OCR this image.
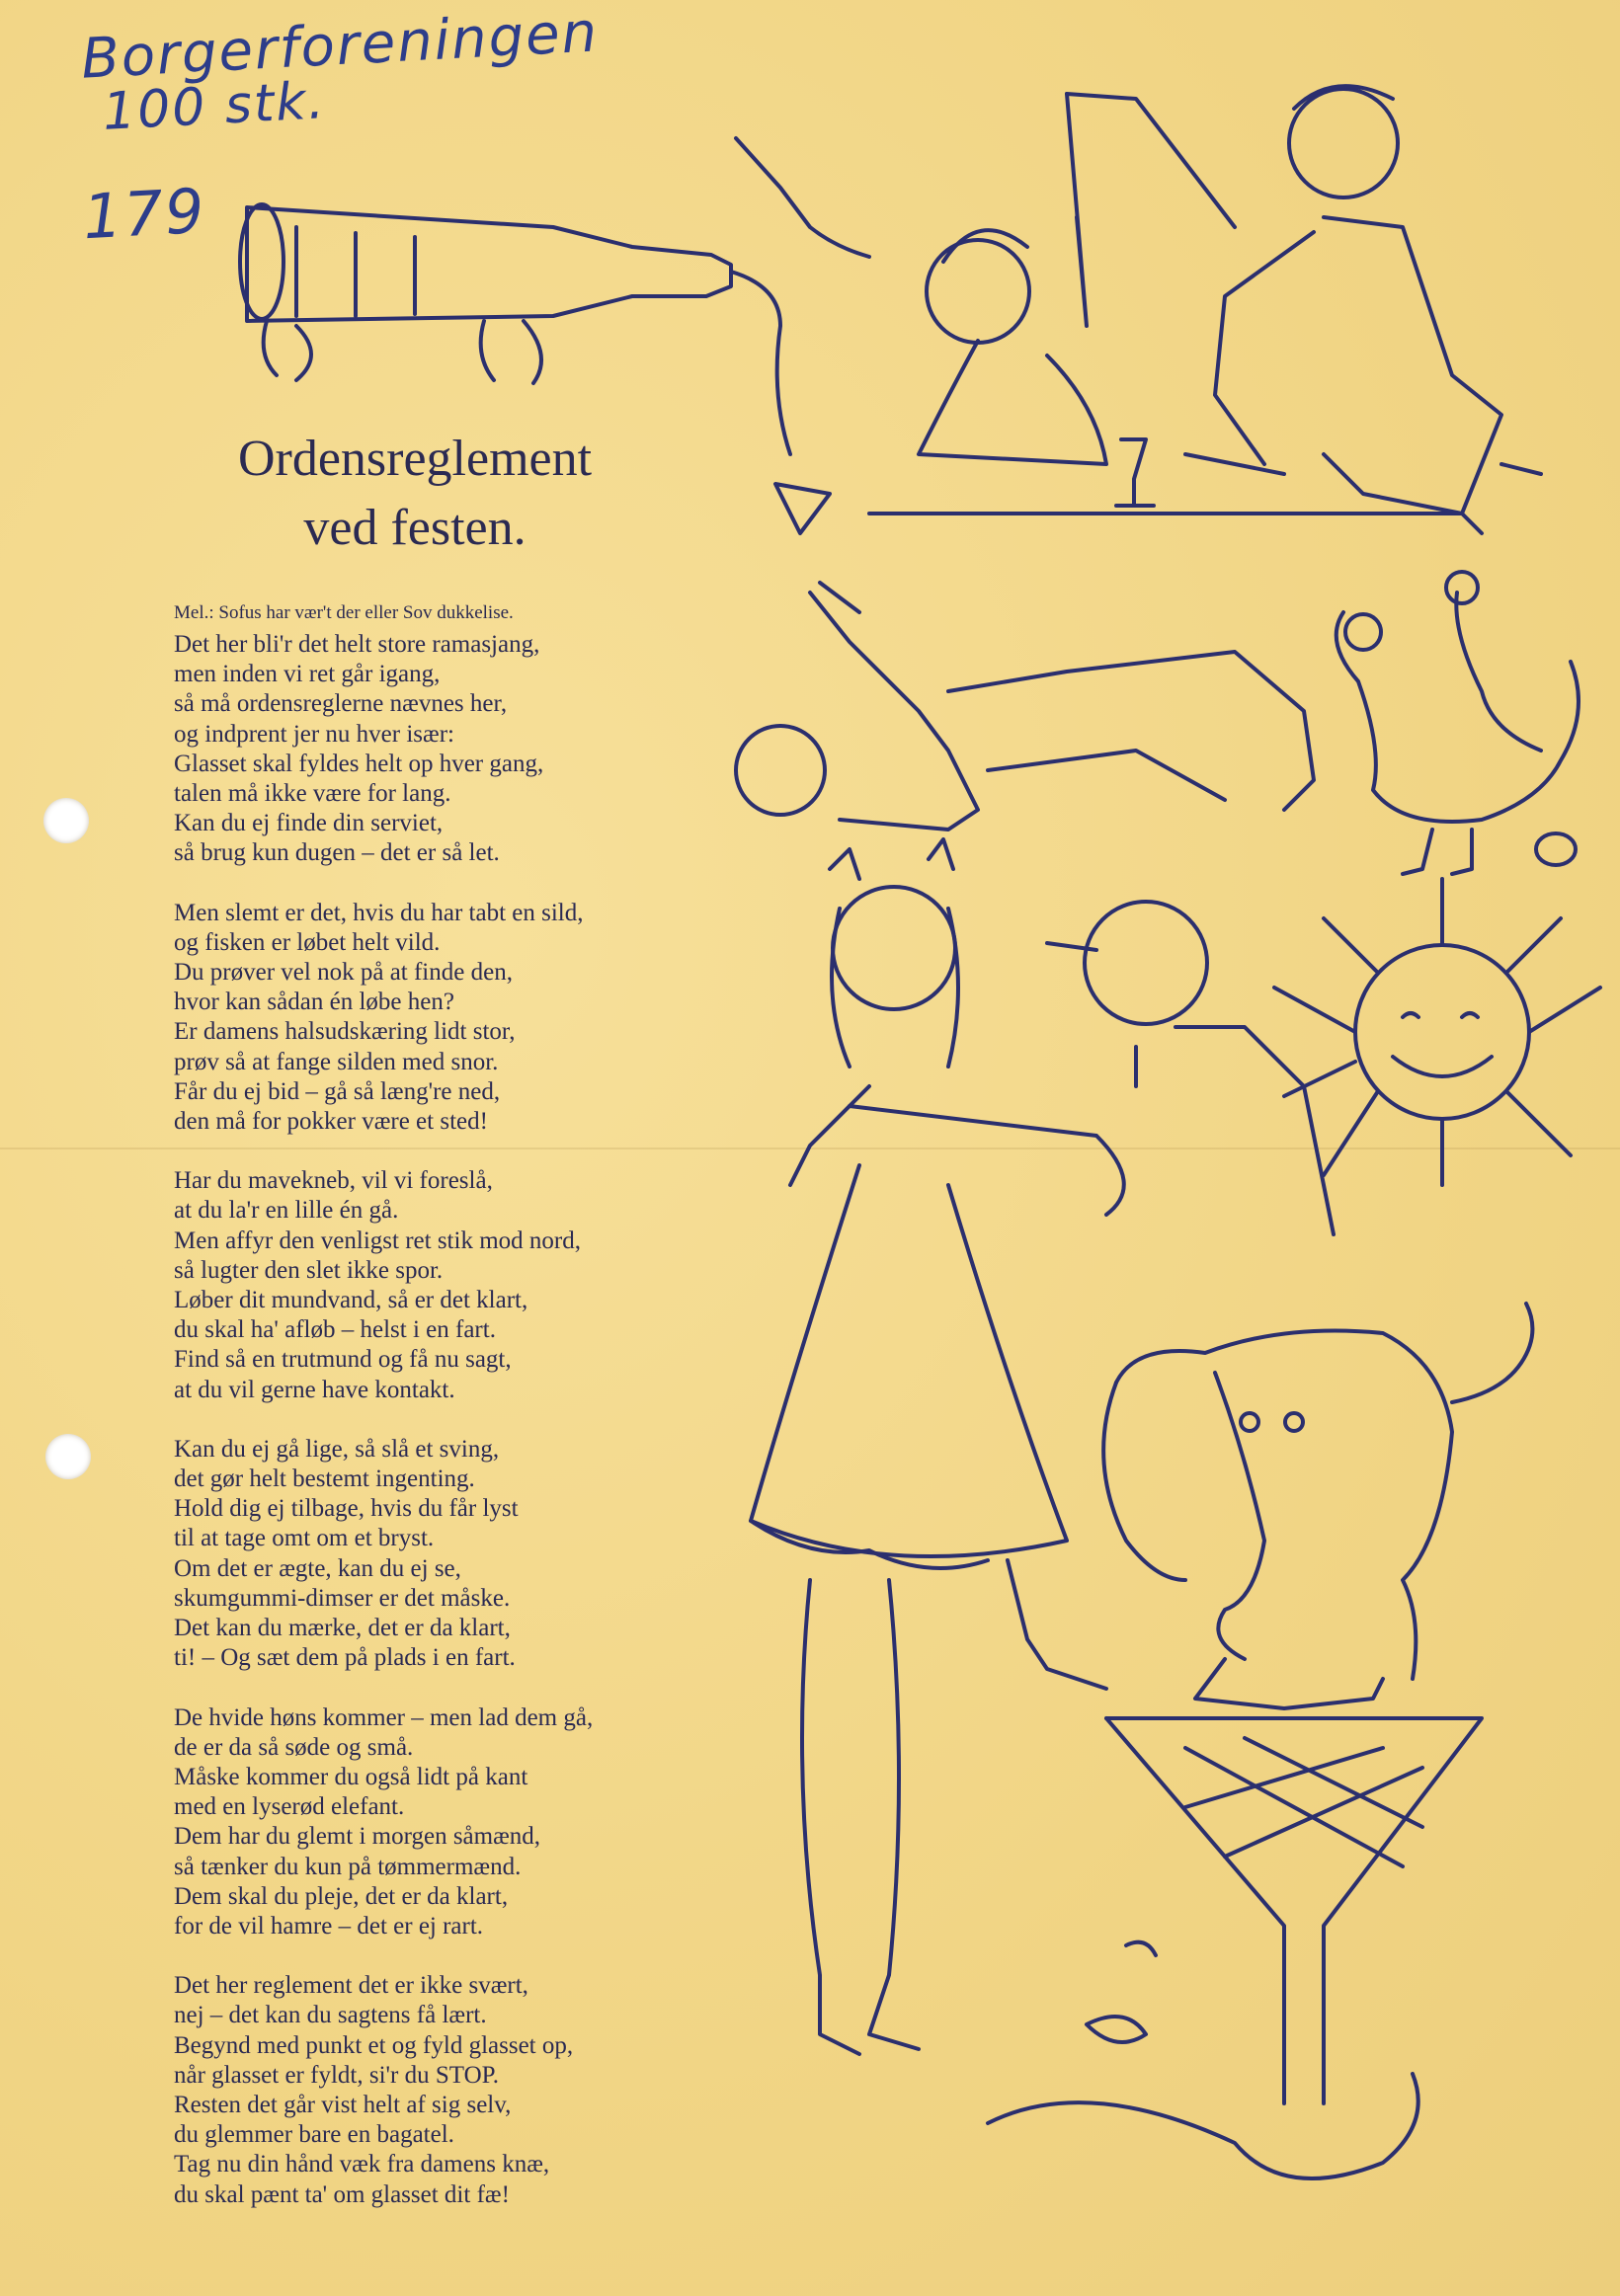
Borgerforeningen
100 stk.
179
Ordensreglement
ved festen.
Mel.: Sofus har vær't der eller Sov dukkelise.
Det her bli'r det helt store ramasjang,
men inden vi ret går igang,
så må ordensreglerne nævnes her,
og indprent jer nu hver især:
Glasset skal fyldes helt op hver gang,
talen må ikke være for lang.
Kan du ej finde din serviet,
så brug kun dugen – det er så let.
Men slemt er det, hvis du har tabt en sild,
og fisken er løbet helt vild.
Du prøver vel nok på at finde den,
hvor kan sådan én løbe hen?
Er damens halsudskæring lidt stor,
prøv så at fange silden med snor.
Får du ej bid – gå så læng're ned,
den må for pokker være et sted!
Har du mavekneb, vil vi foreslå,
at du la'r en lille én gå.
Men affyr den venligst ret stik mod nord,
så lugter den slet ikke spor.
Løber dit mundvand, så er det klart,
du skal ha' afløb – helst i en fart.
Find så en trutmund og få nu sagt,
at du vil gerne have kontakt.
Kan du ej gå lige, så slå et sving,
det gør helt bestemt ingenting.
Hold dig ej tilbage, hvis du får lyst
til at tage omt om et bryst.
Om det er ægte, kan du ej se,
skumgummi-dimser er det måske.
Det kan du mærke, det er da klart,
ti! – Og sæt dem på plads i en fart.
De hvide høns kommer – men lad dem gå,
de er da så søde og små.
Måske kommer du også lidt på kant
med en lyserød elefant.
Dem har du glemt i morgen såmænd,
så tænker du kun på tømmermænd.
Dem skal du pleje, det er da klart,
for de vil hamre – det er ej rart.
Det her reglement det er ikke svært,
nej – det kan du sagtens få lært.
Begynd med punkt et og fyld glasset op,
når glasset er fyldt, si'r du STOP.
Resten det går vist helt af sig selv,
du glemmer bare en bagatel.
Tag nu din hånd væk fra damens knæ,
du skal pænt ta' om glasset dit fæ!
